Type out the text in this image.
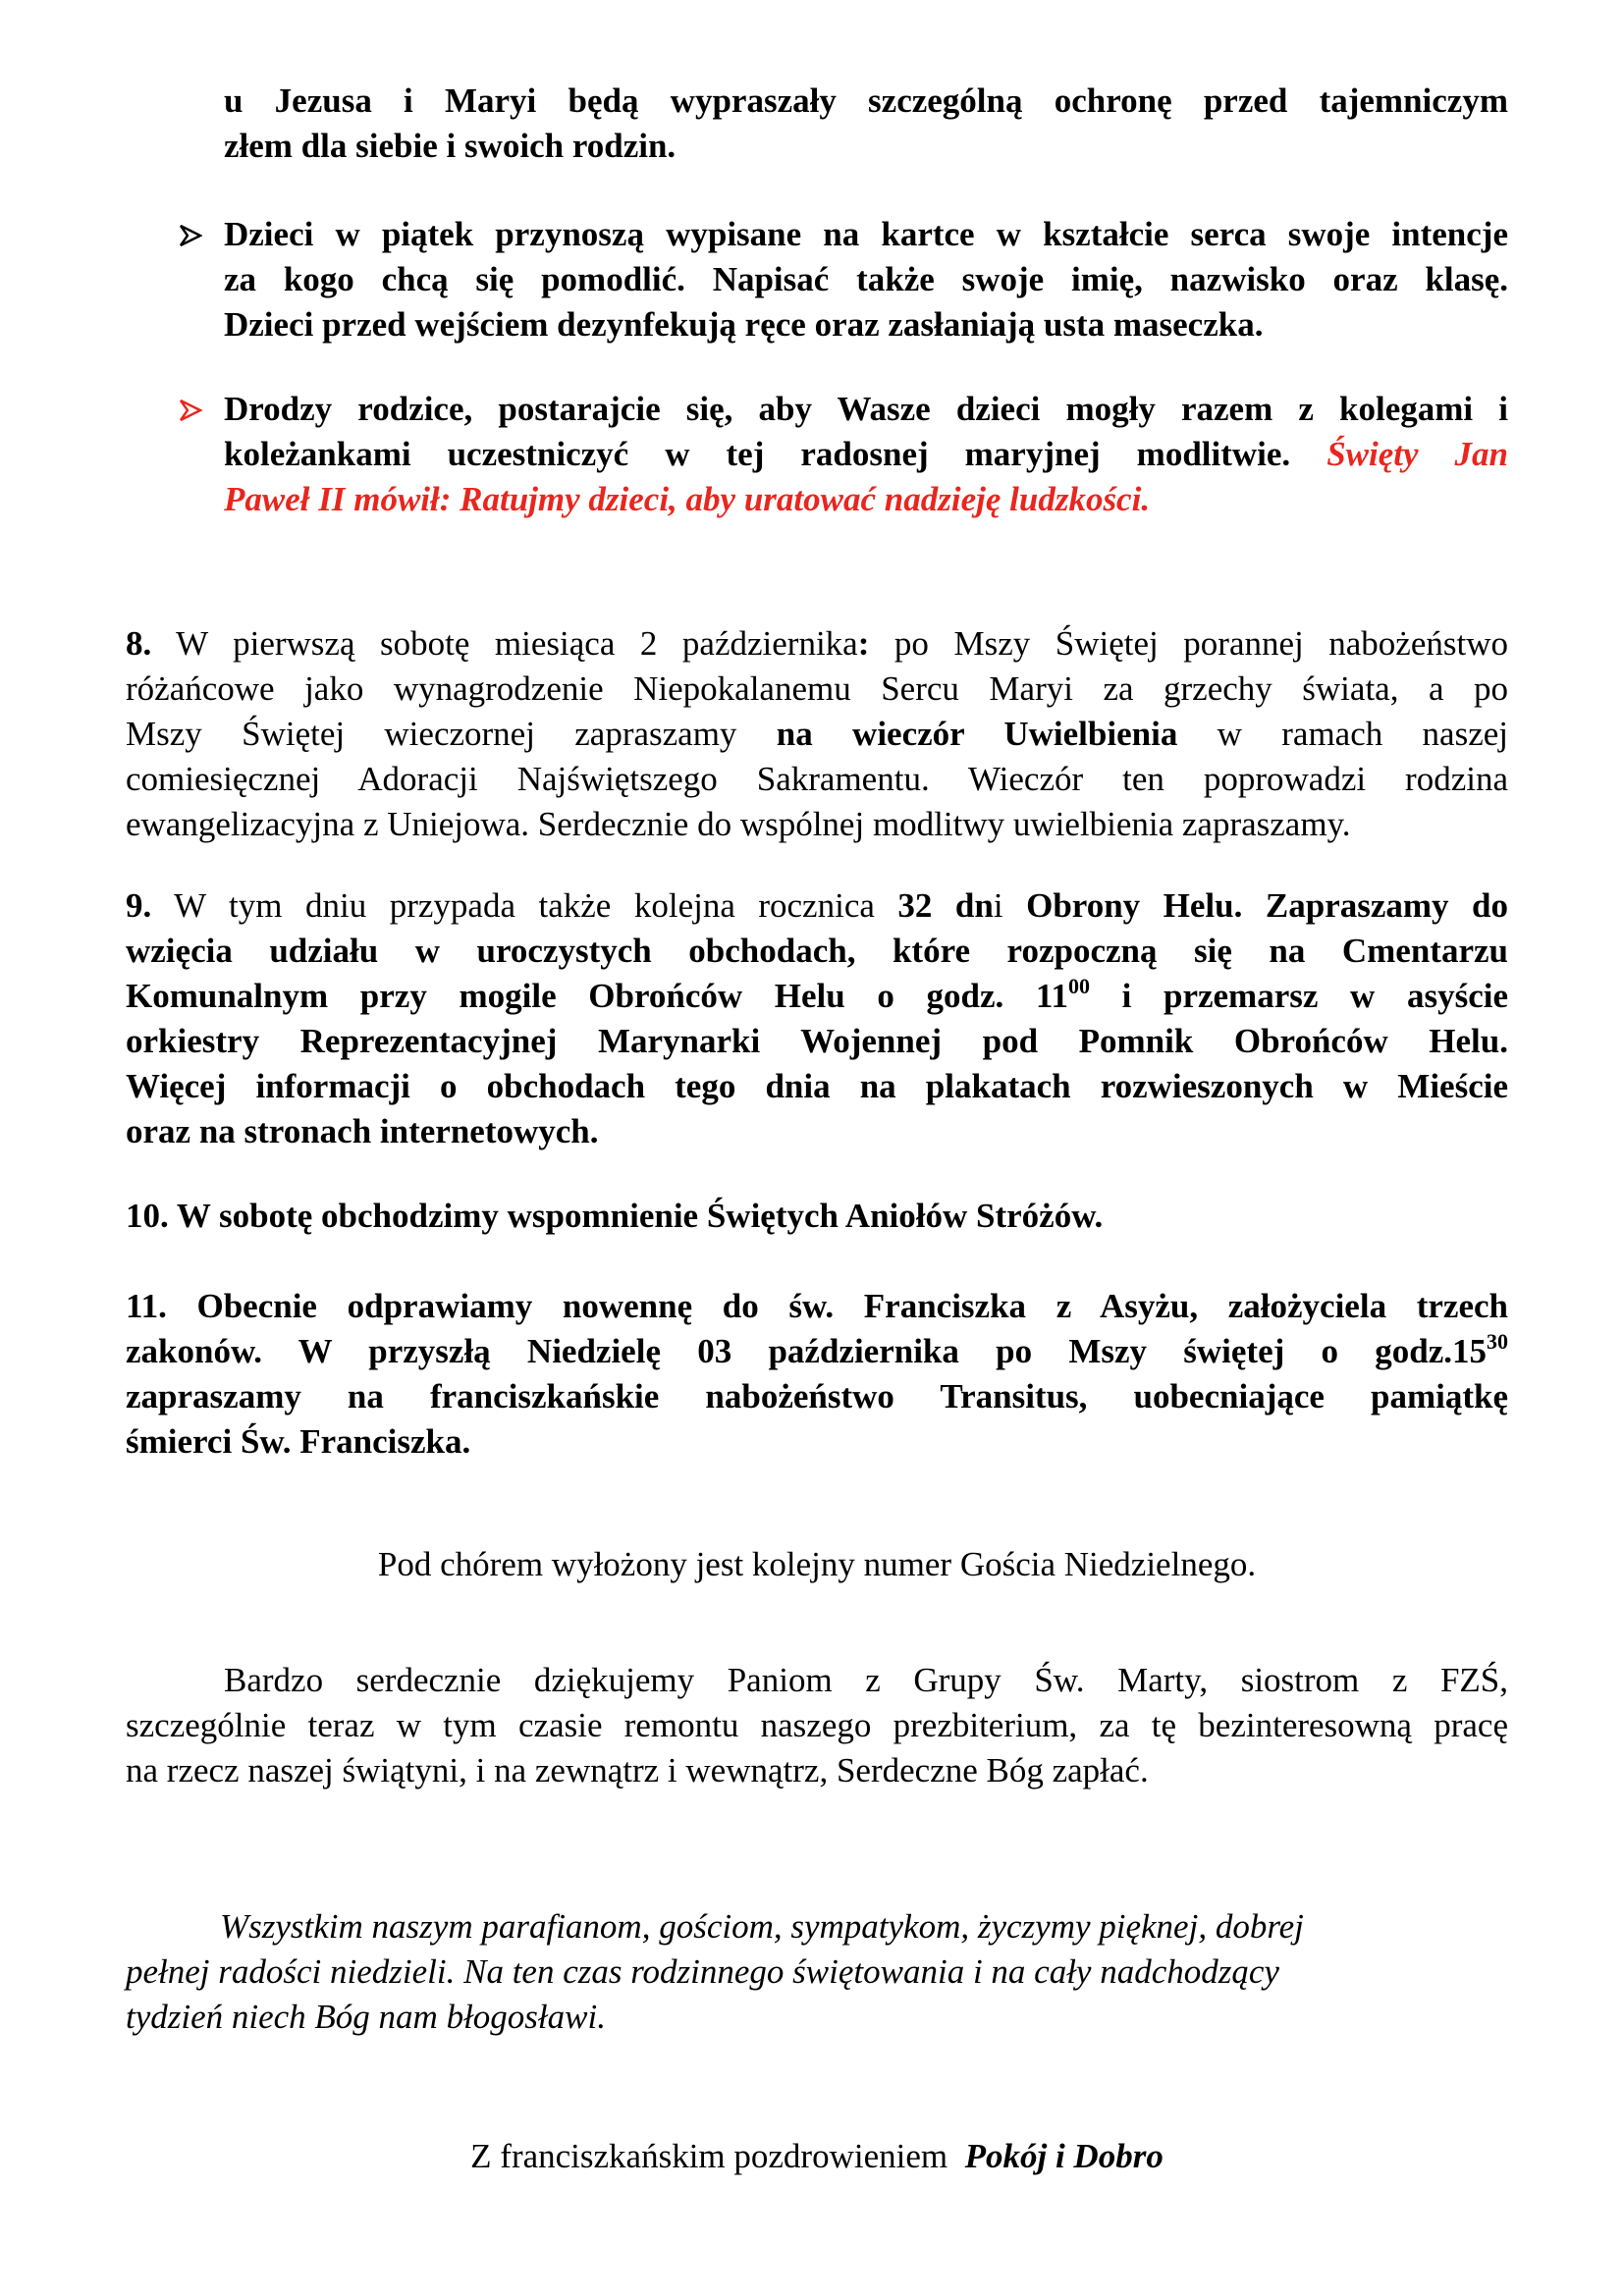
u Jezusa i Maryi będą wypraszały szczególną ochronę przed tajemniczym
złem dla siebie i swoich rodzin.
Dzieci w piątek przynoszą wypisane na kartce w kształcie serca swoje intencje
za kogo chcą się pomodlić. Napisać także swoje imię, nazwisko oraz klasę.
Dzieci przed wejściem dezynfekują ręce oraz zasłaniają usta maseczka.
Drodzy rodzice, postarajcie się, aby Wasze dzieci mogły razem z kolegami i
koleżankami uczestniczyć w tej radosnej maryjnej modlitwie. Święty Jan
Paweł II mówił: Ratujmy dzieci, aby uratować nadzieję ludzkości.
8. W pierwszą sobotę miesiąca 2 października: po Mszy Świętej porannej nabożeństwo
różańcowe jako wynagrodzenie Niepokalanemu Sercu Maryi za grzechy świata, a po
Mszy Świętej wieczornej zapraszamy na wieczór Uwielbienia w ramach naszej
comiesięcznej Adoracji Najświętszego Sakramentu. Wieczór ten poprowadzi rodzina
ewangelizacyjna z Uniejowa. Serdecznie do wspólnej modlitwy uwielbienia zapraszamy.
9. W tym dniu przypada także kolejna rocznica 32 dni Obrony Helu. Zapraszamy do
wzięcia udziału w uroczystych obchodach, które rozpoczną się na Cmentarzu
Komunalnym przy mogile Obrońców Helu o godz. $11^{00}$ i przemarsz w asyście
orkiestry Reprezentacyjnej Marynarki Wojennej pod Pomnik Obrońców Helu.
Więcej informacji o obchodach tego dnia na plakatach rozwieszonych w Mieście
oraz na stronach internetowych.
10. W sobotę obchodzimy wspomnienie Świętych Aniołów Stróżów.
11. Obecnie odprawiamy nowennę do św. Franciszka z Asyżu, założyciela trzech
zakonów. W przyszłą Niedzielę 03 października po Mszy świętej o $godz.15^{30}$
zapraszamy na franciszkańskie nabożeństwo Transitus, uobecniające pamiątkę
śmierci Św. Franciszka.
Pod chórem wyłożony jest kolejny numer Gościa Niedzielnego.
Bardzo serdecznie dziękujemy Paniom z Grupy Św. Marty, siostrom z FZŚ,
szczególnie teraz w tym czasie remontu naszego prezbiterium, za tę bezinteresowną pracę
na rzecz naszej świątyni, i na zewnątrz i wewnątrz, Serdeczne Bóg zapłać.
Wszystkim naszym parafianom, gościom, sympatykom, życzymy pięknej, dobrej
pełnej radości niedzieli. Na ten czas rodzinnego świętowania i na cały nadchodzący
tydzień niech Bóg nam błogosławi.
Z franciszkańskim pozdrowieniem Pokój i Dobro
